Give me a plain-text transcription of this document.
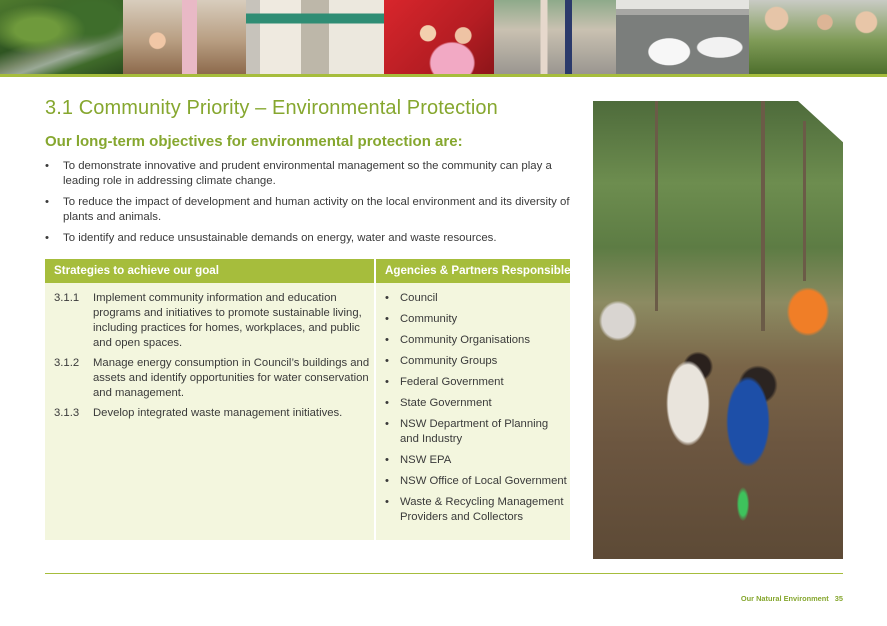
3.1 Community Priority – Environmental Protection
Our long-term objectives for environmental protection are:
• To demonstrate innovative and prudent environmental management so the community can play a leading role in addressing climate change.
• To reduce the impact of development and human activity on the local environment and its diversity of plants and animals.
• To identify and reduce unsustainable demands on energy, water and waste resources.
Strategies to achieve our goal
3.1.1	Implement community information and education programs and initiatives to promote sustainable living, including practices for homes, workplaces, and public and open spaces.
3.1.2	Manage energy consumption in Council’s buildings and assets and identify opportunities for water conservation and management.
3.1.3	Develop integrated waste management initiatives.
Agencies & Partners Responsible
• Council
• Community
• Community Organisations
• Community Groups
• Federal Government
• State Government
• NSW Department of Planning and Industry
• NSW EPA
• NSW Office of Local Government
• Waste & Recycling Management Providers and Collectors
Our Natural Environment 35
